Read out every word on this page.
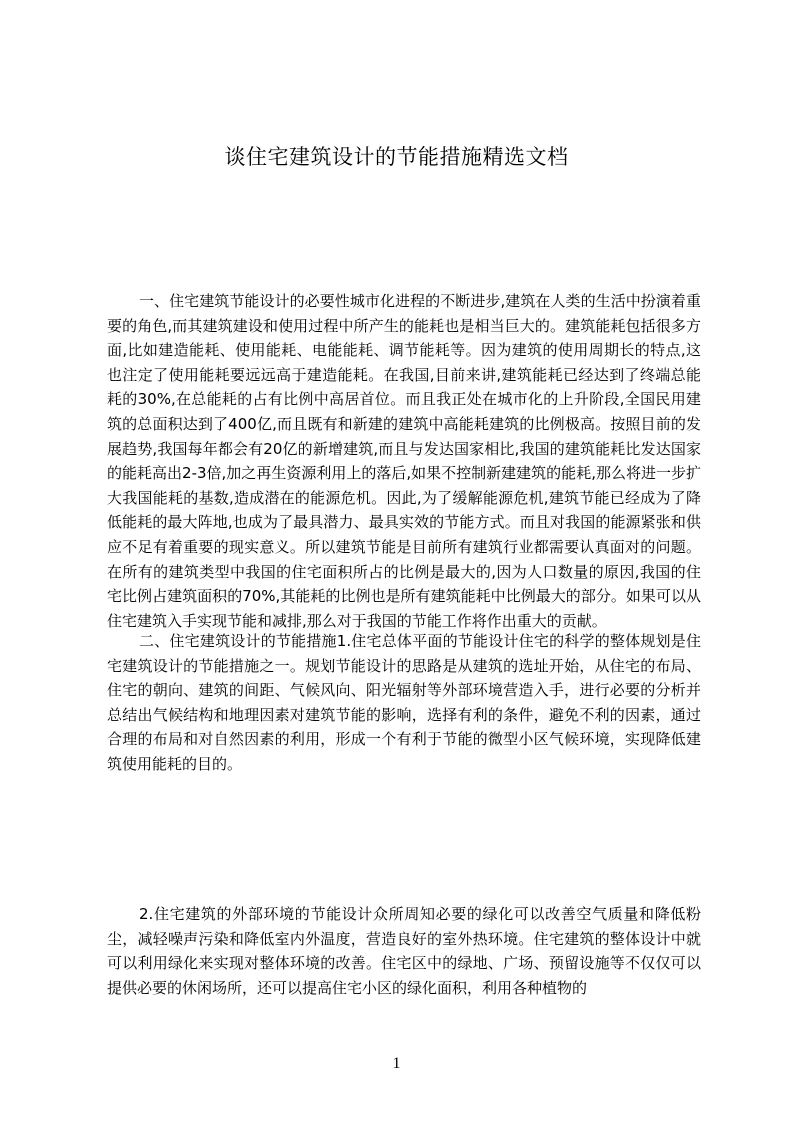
谈住宅建筑设计的节能措施精选文档

一、住宅建筑节能设计的必要性城市化进程的不断进步,建筑在人类的生活中扮演着重要的角色,而其建筑建设和使用过程中所产生的能耗也是相当巨大的。建筑能耗包括很多方面,比如建造能耗、使用能耗、电能能耗、调节能耗等。因为建筑的使用周期长的特点,这也注定了使用能耗要远远高于建造能耗。在我国,目前来讲,建筑能耗已经达到了终端总能耗的30%,在总能耗的占有比例中高居首位。而且我正处在城市化的上升阶段,全国民用建筑的总面积达到了400亿,而且既有和新建的建筑中高能耗建筑的比例极高。按照目前的发展趋势,我国每年都会有20亿的新增建筑,而且与发达国家相比,我国的建筑能耗比发达国家的能耗高出2-3倍,加之再生资源利用上的落后,如果不控制新建建筑的能耗,那么将进一步扩大我国能耗的基数,造成潜在的能源危机。因此,为了缓解能源危机,建筑节能已经成为了降低能耗的最大阵地,也成为了最具潜力、最具实效的节能方式。而且对我国的能源紧张和供应不足有着重要的现实意义。所以建筑节能是目前所有建筑行业都需要认真面对的问题。在所有的建筑类型中我国的住宅面积所占的比例是最大的,因为人口数量的原因,我国的住宅比例占建筑面积的70%,其能耗的比例也是所有建筑能耗中比例最大的部分。如果可以从住宅建筑入手实现节能和减排,那么对于我国的节能工作将作出重大的贡献。

二、住宅建筑设计的节能措施1.住宅总体平面的节能设计住宅的科学的整体规划是住宅建筑设计的节能措施之一。规划节能设计的思路是从建筑的选址开始，从住宅的布局、住宅的朝向、建筑的间距、气候风向、阳光辐射等外部环境营造入手，进行必要的分析并总结出气候结构和地理因素对建筑节能的影响，选择有利的条件，避免不利的因素，通过合理的布局和对自然因素的利用，形成一个有利于节能的微型小区气候环境，实现降低建筑使用能耗的目的。

2.住宅建筑的外部环境的节能设计众所周知必要的绿化可以改善空气质量和降低粉尘，减轻噪声污染和降低室内外温度，营造良好的室外热环境。住宅建筑的整体设计中就可以利用绿化来实现对整体环境的改善。住宅区中的绿地、广场、预留设施等不仅仅可以提供必要的休闲场所，还可以提高住宅小区的绿化面积，利用各种植物的

1
